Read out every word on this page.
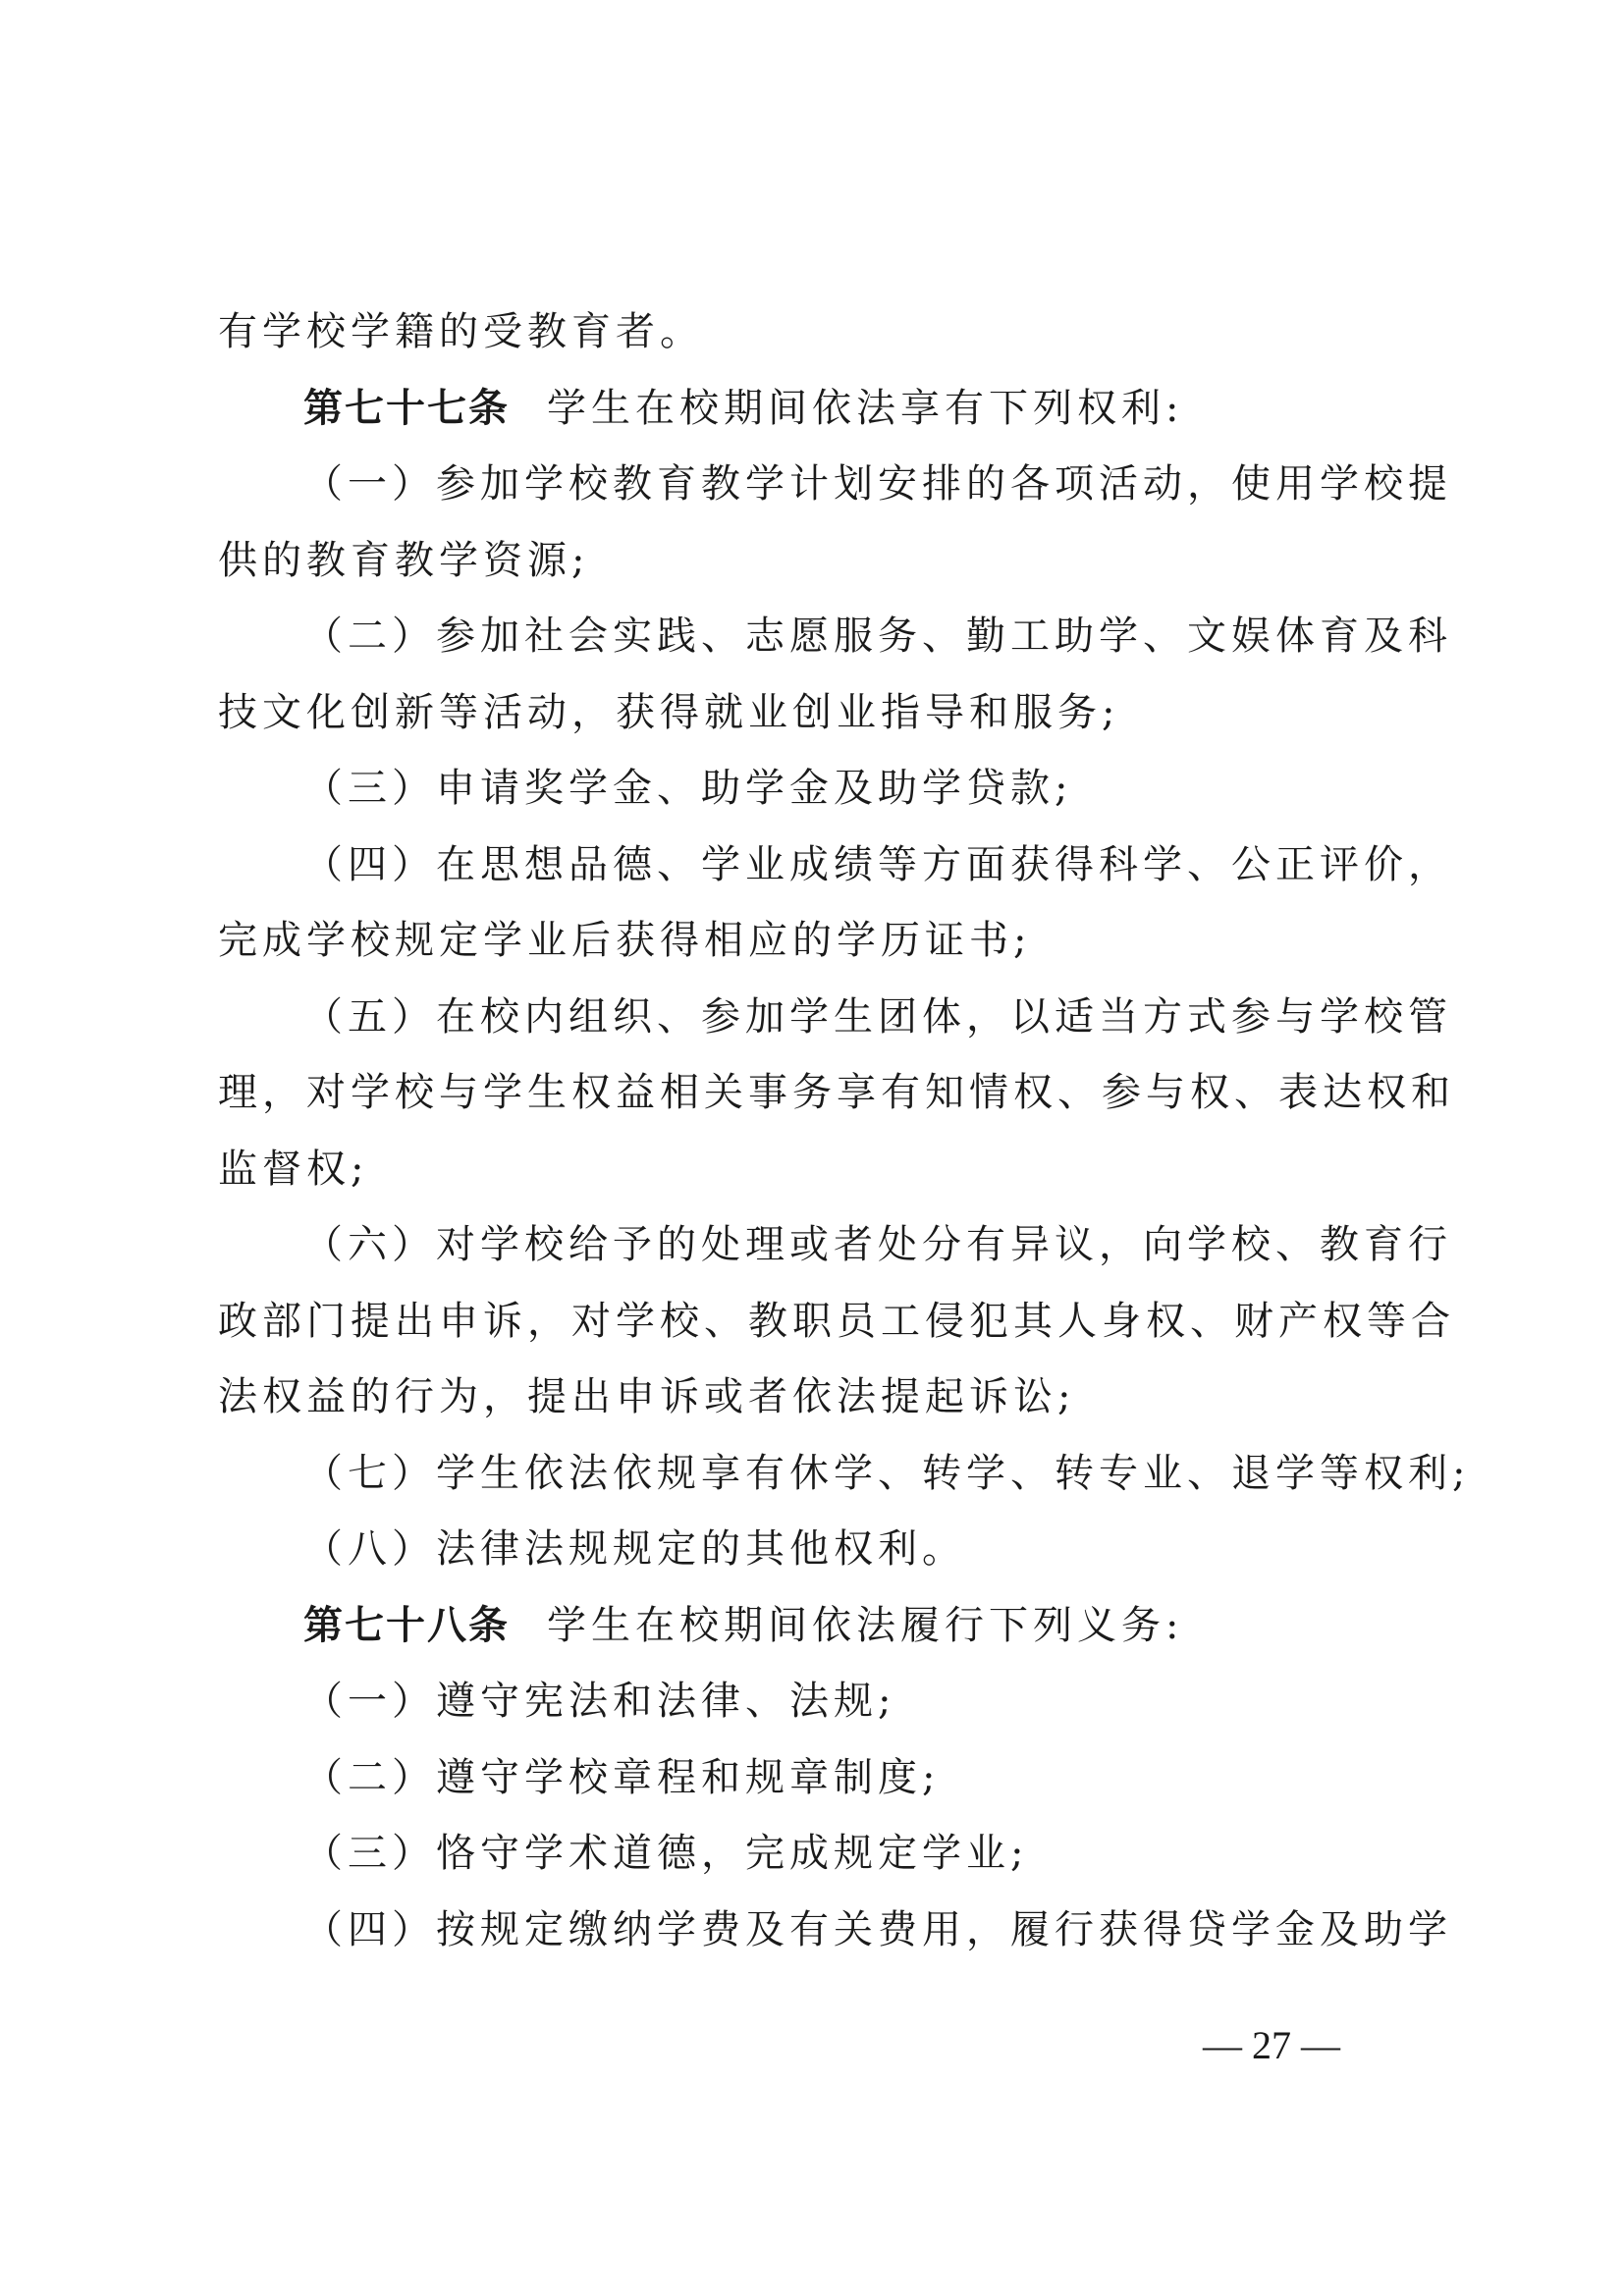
有学校学籍的受教育者。
第七十七条 学生在校期间依法享有下列权利:
（一）参加学校教育教学计划安排的各项活动，使用学校提
供的教育教学资源;
（二）参加社会实践、志愿服务、勤工助学、文娱体育及科
技文化创新等活动，获得就业创业指导和服务;
（三）申请奖学金、助学金及助学贷款;
（四）在思想品德、学业成绩等方面获得科学、公正评价，
完成学校规定学业后获得相应的学历证书;
（五）在校内组织、参加学生团体，以适当方式参与学校管
理，对学校与学生权益相关事务享有知情权、参与权、表达权和
监督权;
（六）对学校给予的处理或者处分有异议，向学校、教育行
政部门提出申诉，对学校、教职员工侵犯其人身权、财产权等合
法权益的行为，提出申诉或者依法提起诉讼;
（七）学生依法依规享有休学、转学、转专业、退学等权利;
（八）法律法规规定的其他权利。
第七十八条 学生在校期间依法履行下列义务:
（一）遵守宪法和法律、法规;
（二）遵守学校章程和规章制度;
（三）恪守学术道德，完成规定学业;
（四）按规定缴纳学费及有关费用，履行获得贷学金及助学
— 27 —
